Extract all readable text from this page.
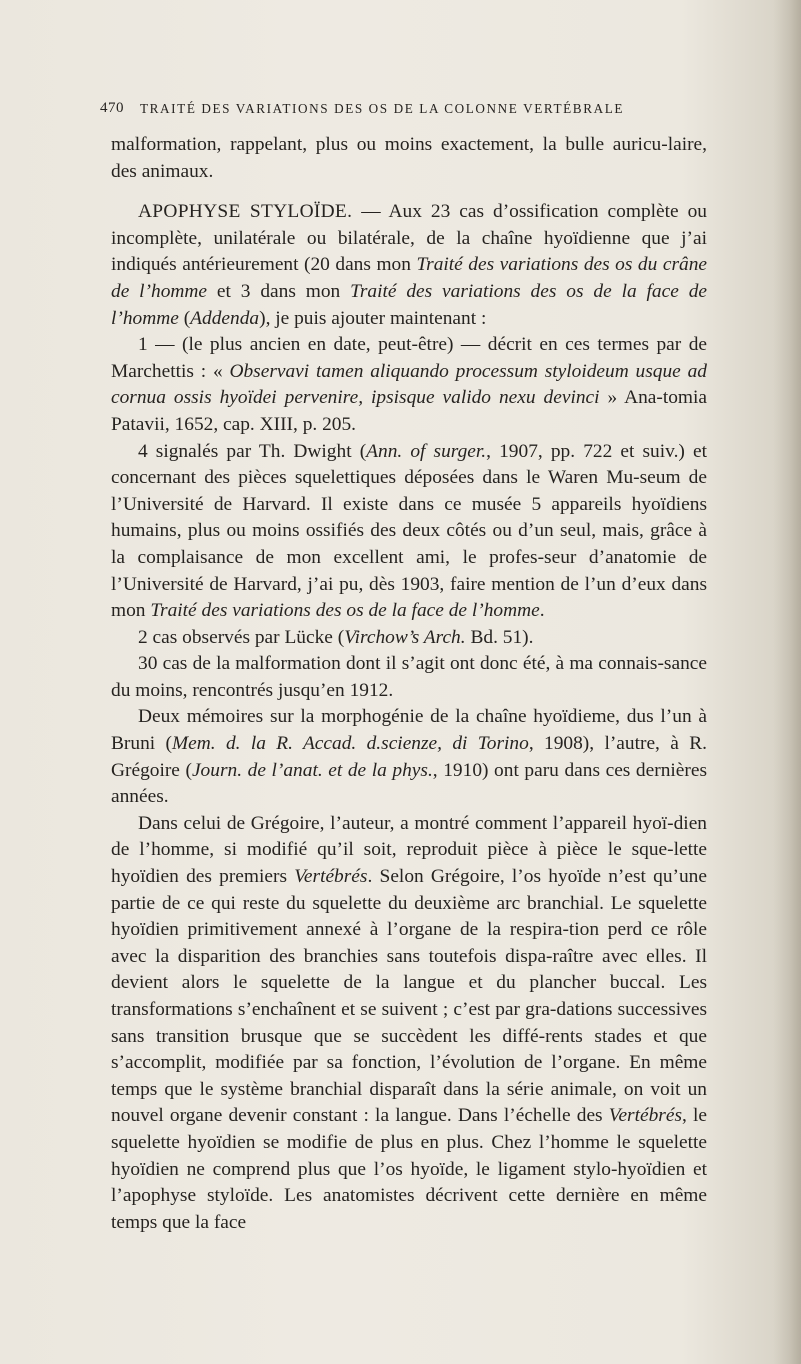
470 TRAITÉ DES VARIATIONS DES OS DE LA COLONNE VERTÉBRALE

malformation, rappelant, plus ou moins exactement, la bulle auricu-laire, des animaux.

APOPHYSE STYLOÏDE. — Aux 23 cas d’ossification complète ou incomplète, unilatérale ou bilatérale, de la chaîne hyoïdienne que j’ai indiqués antérieurement (20 dans mon Traité des variations des os du crâne de l’homme et 3 dans mon Traité des variations des os de la face de l’homme (Addenda), je puis ajouter maintenant :

1 — (le plus ancien en date, peut-être) — décrit en ces termes par de Marchettis : « Observavi tamen aliquando processum styloideum usque ad cornua ossis hyoïdei pervenire, ipsisque valido nexu devinci » Ana-tomia Patavii, 1652, cap. XIII, p. 205.

4 signalés par Th. Dwight (Ann. of surger., 1907, pp. 722 et suiv.) et concernant des pièces squelettiques déposées dans le Waren Mu-seum de l’Université de Harvard. Il existe dans ce musée 5 appareils hyoïdiens humains, plus ou moins ossifiés des deux côtés ou d’un seul, mais, grâce à la complaisance de mon excellent ami, le profes-seur d’anatomie de l’Université de Harvard, j’ai pu, dès 1903, faire mention de l’un d’eux dans mon Traité des variations des os de la face de l’homme.

2 cas observés par Lücke (Virchow’s Arch. Bd. 51).

30 cas de la malformation dont il s’agit ont donc été, à ma connais-sance du moins, rencontrés jusqu’en 1912.

Deux mémoires sur la morphogénie de la chaîne hyoïdieme, dus l’un à Bruni (Mem. d. la R. Accad. d.scienze, di Torino, 1908), l’autre, à R. Grégoire (Journ. de l’anat. et de la phys., 1910) ont paru dans ces dernières années.

Dans celui de Grégoire, l’auteur, a montré comment l’appareil hyoï-dien de l’homme, si modifié qu’il soit, reproduit pièce à pièce le sque-lette hyoïdien des premiers Vertébrés. Selon Grégoire, l’os hyoïde n’est qu’une partie de ce qui reste du squelette du deuxième arc branchial. Le squelette hyoïdien primitivement annexé à l’organe de la respira-tion perd ce rôle avec la disparition des branchies sans toutefois dispa-raître avec elles. Il devient alors le squelette de la langue et du plancher buccal. Les transformations s’enchaînent et se suivent ; c’est par gra-dations successives sans transition brusque que se succèdent les diffé-rents stades et que s’accomplit, modifiée par sa fonction, l’évolution de l’organe. En même temps que le système branchial disparaît dans la série animale, on voit un nouvel organe devenir constant : la langue. Dans l’échelle des Vertébrés, le squelette hyoïdien se modifie de plus en plus. Chez l’homme le squelette hyoïdien ne comprend plus que l’os hyoïde, le ligament stylo-hyoïdien et l’apophyse styloïde. Les anatomistes décrivent cette dernière en même temps que la face
